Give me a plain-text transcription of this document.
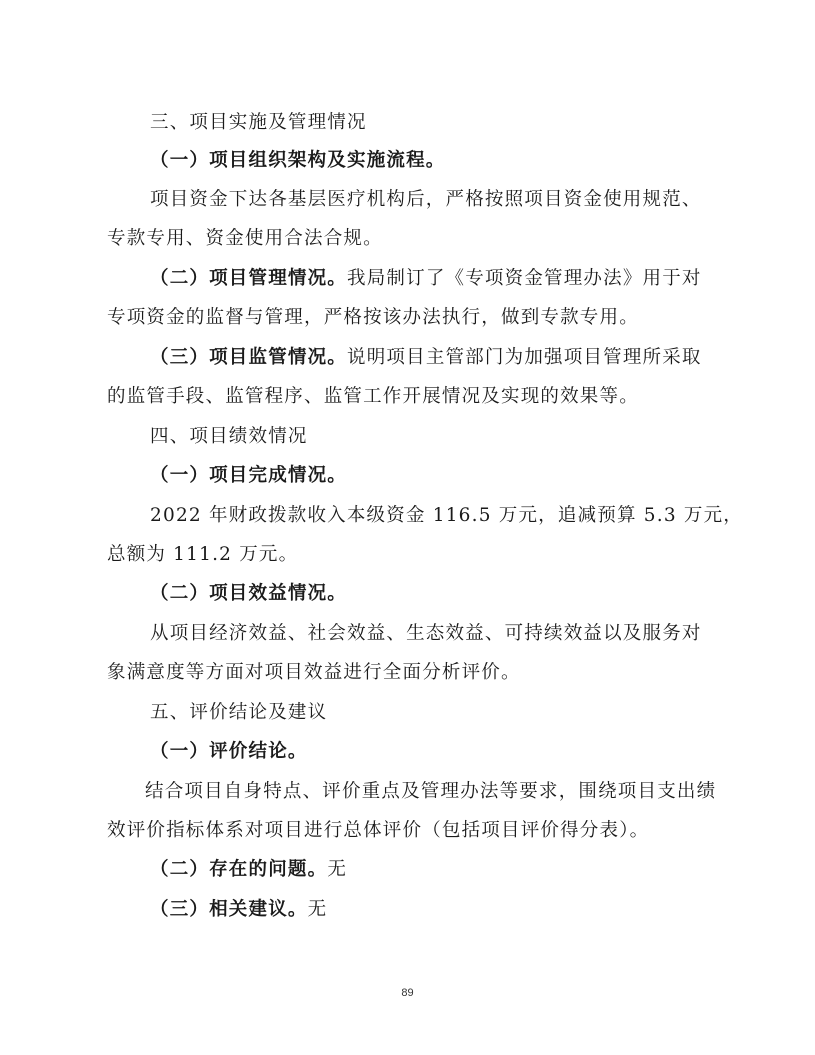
三、项目实施及管理情况
（一）项目组织架构及实施流程。
项目资金下达各基层医疗机构后，严格按照项目资金使用规范、
专款专用、资金使用合法合规。
（二）项目管理情况。我局制订了《专项资金管理办法》用于对
专项资金的监督与管理，严格按该办法执行，做到专款专用。
（三）项目监管情况。说明项目主管部门为加强项目管理所采取
的监管手段、监管程序、监管工作开展情况及实现的效果等。
四、项目绩效情况
（一）项目完成情况。
2022 年财政拨款收入本级资金 116.5 万元，追减预算 5.3 万元，
总额为 111.2 万元。
（二）项目效益情况。
从项目经济效益、社会效益、生态效益、可持续效益以及服务对
象满意度等方面对项目效益进行全面分析评价。
五、评价结论及建议
（一）评价结论。
结合项目自身特点、评价重点及管理办法等要求，围绕项目支出绩
效评价指标体系对项目进行总体评价（包括项目评价得分表）。
（二）存在的问题。无
（三）相关建议。无
89
